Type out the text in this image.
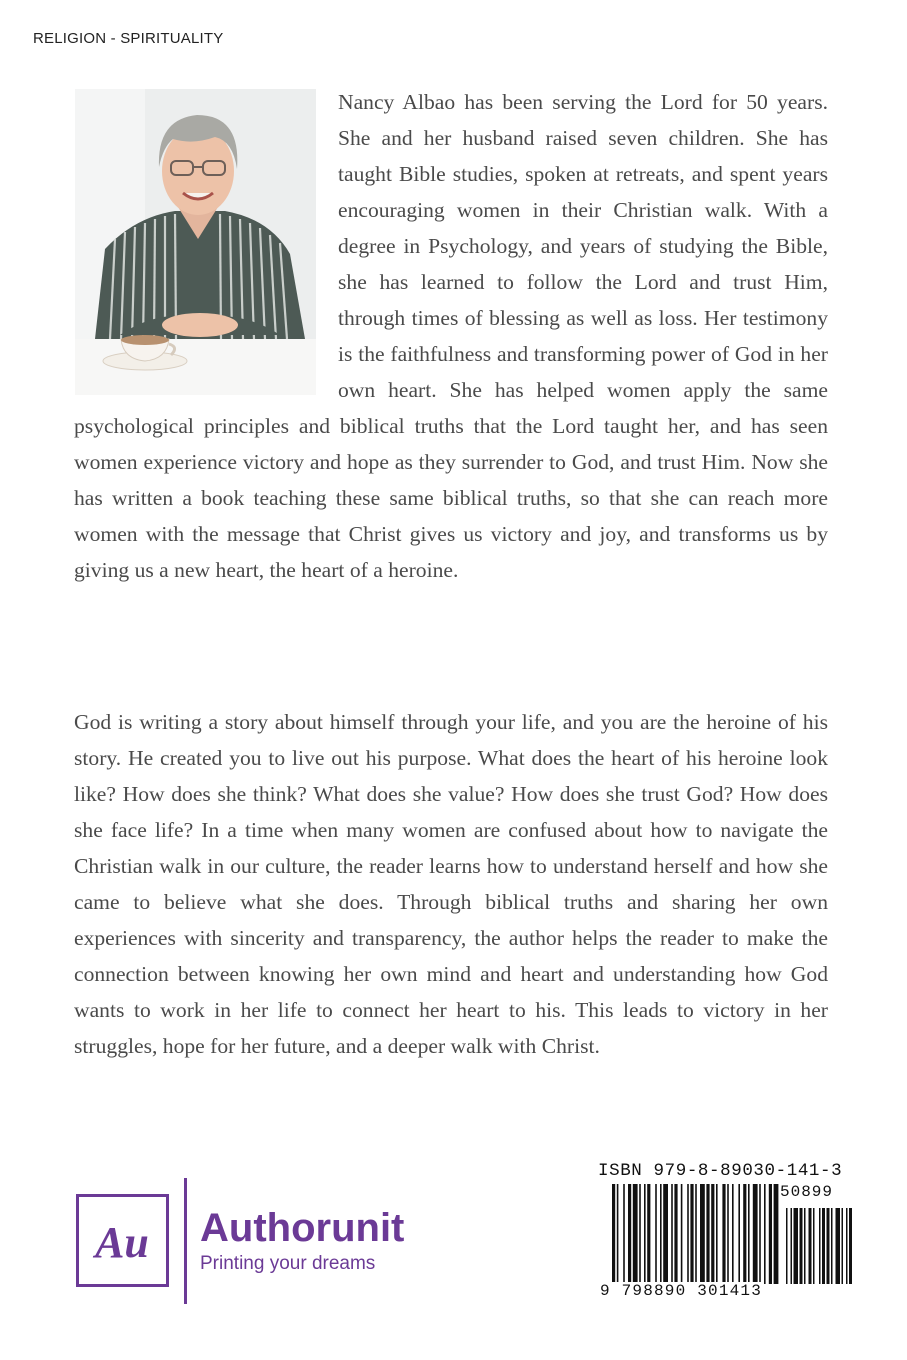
RELIGION - SPIRITUALITY

Nancy Albao has been serving the Lord for 50 years. She and her husband raised seven children. She has taught Bible studies, spoken at retreats, and spent years encouraging women in their Christian walk. With a degree in Psychology, and years of studying the Bible, she has learned to follow the Lord and trust Him, through times of blessing as well as loss. Her testimony is the faithfulness and transforming power of God in her own heart. She has helped women apply the same psychological principles and biblical truths that the Lord taught her, and has seen women experience victory and hope as they surrender to God, and trust Him. Now she has written a book teaching these same biblical truths, so that she can reach more women with the message that Christ gives us victory and joy, and transforms us by giving us a new heart, the heart of a heroine.

God is writing a story about himself through your life, and you are the heroine of his story. He created you to live out his purpose. What does the heart of his heroine look like? How does she think? What does she value? How does she trust God? How does she face life? In a time when many women are confused about how to navigate the Christian walk in our culture, the reader learns how to understand herself and how she came to believe what she does. Through biblical truths and sharing her own experiences with sincerity and transparency, the author helps the reader to make the connection between knowing her own mind and heart and understanding how God wants to work in her life to connect her heart to his. This leads to victory in her struggles, hope for her future, and a deeper walk with Christ.

Au Authorunit
Printing your dreams
ISBN 979-8-89030-141-3
50899
9 798890 301413
